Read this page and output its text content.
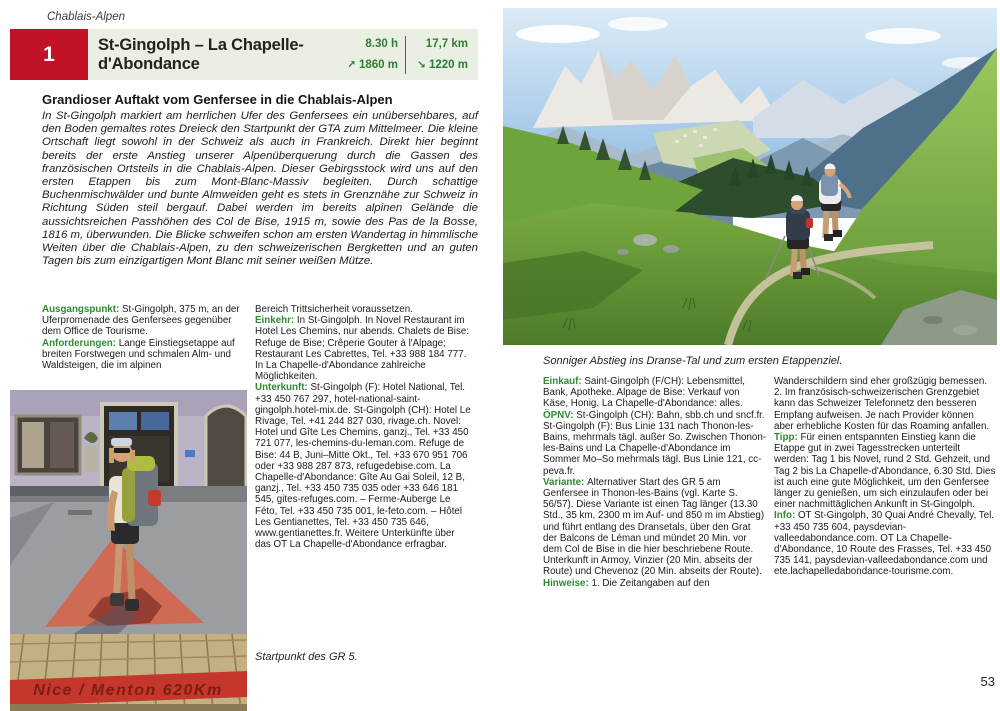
Chablais-Alpen
1	St-Gingolph – La Chapelle-
d'Abondance
8.30 h	17,7 km
↗ 1860 m	↘ 1220 m
Grandioser Auftakt vom Genfersee in die Chablais-Alpen

In St-Gingolph markiert am herrlichen Ufer des Genfersees ein unübersehbares, auf den Boden gemaltes rotes Dreieck den Startpunkt der GTA zum Mittelmeer. Die kleine Ortschaft liegt sowohl in der Schweiz als auch in Frankreich. Direkt hier beginnt bereits der erste Anstieg unserer Alpenüberquerung durch die Gassen des französischen Ortsteils in die Chablais-Alpen. Dieser Gebirgsstock wird uns auf den ersten Etappen bis zum Mont-Blanc-Massiv begleiten. Durch schattige Buchenmischwälder und bunte Almweiden geht es stets in Grenznähe zur Schweiz in Richtung Süden steil bergauf. Dabei werden im bereits alpinen Gelände die aussichtsreichen Passhöhen des Col de Bise, 1915 m, sowie des Pas de la Bosse, 1816 m, überwunden. Die Blicke schweifen schon am ersten Wandertag in himmlische Weiten über die Chablais-Alpen, zu den schweizerischen Bergketten und an guten Tagen bis zum einzigartigen Mont Blanc mit seiner weißen Mütze.

Ausgangspunkt: St-Gingolph, 375 m, an der Uferpromenade des Genfersees gegenüber dem Office de Tourisme.

Anforderungen: Lange Einstiegsetappe auf breiten Forstwegen und schmalen Alm- und Waldsteigen, die im alpinen

Bereich Trittsicherheit voraussetzen.

Einkehr: In St-Gingolph. In Novel Restaurant im Hotel Les Chemins, nur abends. Chalets de Bise: Refuge de Bise; Crêperie Gouter à l'Alpage; Restaurant Les Cabrettes, Tel. +33 988 184 777. In La Chapelle-d'Abondance zahlreiche Möglichkeiten.

Unterkunft: St-Gingolph (F): Hotel National, Tel. +33 450 767 297, hotel-national-saint-gingolph.hotel-mix.de. St-Gingolph (CH): Hotel Le Rivage, Tel. +41 244 827 030, rivage.ch. Novel: Hotel und Gîte Les Chemins, ganzj., Tel. +33 450 721 077, les-chemins-du-leman.com. Refuge de Bise: 44 B, Juni–Mitte Okt., Tel. +33 670 951 706 oder +33 988 287 873, refugedebise.com. La Chapelle-d'Abondance: Gîte Au Gai Soleil, 12 B, ganzj., Tel. +33 450 735 035 oder +33 646 181 545, gites-refuges.com. – Ferme-Auberge Le Féto, Tel. +33 450 735 001, le-feto.com. – Hôtel Les Gentianettes, Tel. +33 450 735 646, www.gentianettes.fr. Weitere Unterkünfte über das OT La Chapelle-d'Abondance erfragbar.

Startpunkt des GR 5.
Nice / Menton 620Km
Sonniger Abstieg ins Dranse-Tal und zum ersten Etappenziel.

Einkauf: Saint-Gingolph (F/CH): Lebensmittel, Bank, Apotheke. Alpage de Bise: Verkauf von Käse, Honig. La Chapelle-d'Abondance: alles.

ÖPNV: St-Gingolph (CH): Bahn, sbb.ch und sncf.fr. St-Gingolph (F): Bus Linie 131 nach Thonon-les-Bains, mehrmals tägl. außer So. Zwischen Thonon-les-Bains und La Chapelle-d'Abondance im Sommer Mo–So mehrmals tägl. Bus Linie 121, cc-peva.fr.

Variante: Alternativer Start des GR 5 am Genfersee in Thonon-les-Bains (vgl. Karte S. 56/57). Diese Variante ist einen Tag länger (13.30 Std., 35 km, 2300 m im Auf- und 850 m im Abstieg) und führt entlang des Dransetals, über den Grat der Balcons de Léman und mündet 20 Min. vor dem Col de Bise in die hier beschriebene Route. Unterkunft in Armoy, Vinzier (20 Min. abseits der Route) und Chevenoz (20 Min. abseits der Route).

Hinweise: 1. Die Zeitangaben auf den

Wanderschildern sind eher großzügig bemessen.

2. Im französisch-schweizerischen Grenzgebiet kann das Schweizer Telefonnetz den besseren Empfang aufweisen. Je nach Provider können aber erhebliche Kosten für das Roaming anfallen.

Tipp: Für einen entspannten Einstieg kann die Etappe gut in zwei Tagesstrecken unterteilt werden: Tag 1 bis Novel, rund 2 Std. Gehzeit, und Tag 2 bis La Chapelle-d'Abondance, 6.30 Std. Dies ist auch eine gute Möglichkeit, um den Genfersee länger zu genießen, um sich einzulaufen oder bei einer nachmittäglichen Ankunft in St-Gingolph.

Info: OT St-Gingolph, 30 Quai André Chevally, Tel. +33 450 735 604, paysdevian-valleedabondance.com. OT La Chapelle-d'Abondance, 10 Route des Frasses, Tel. +33 450 735 141, paysdevian-valleedabondance.com und ete.lachapelledabondance-tourisme.com.

53
